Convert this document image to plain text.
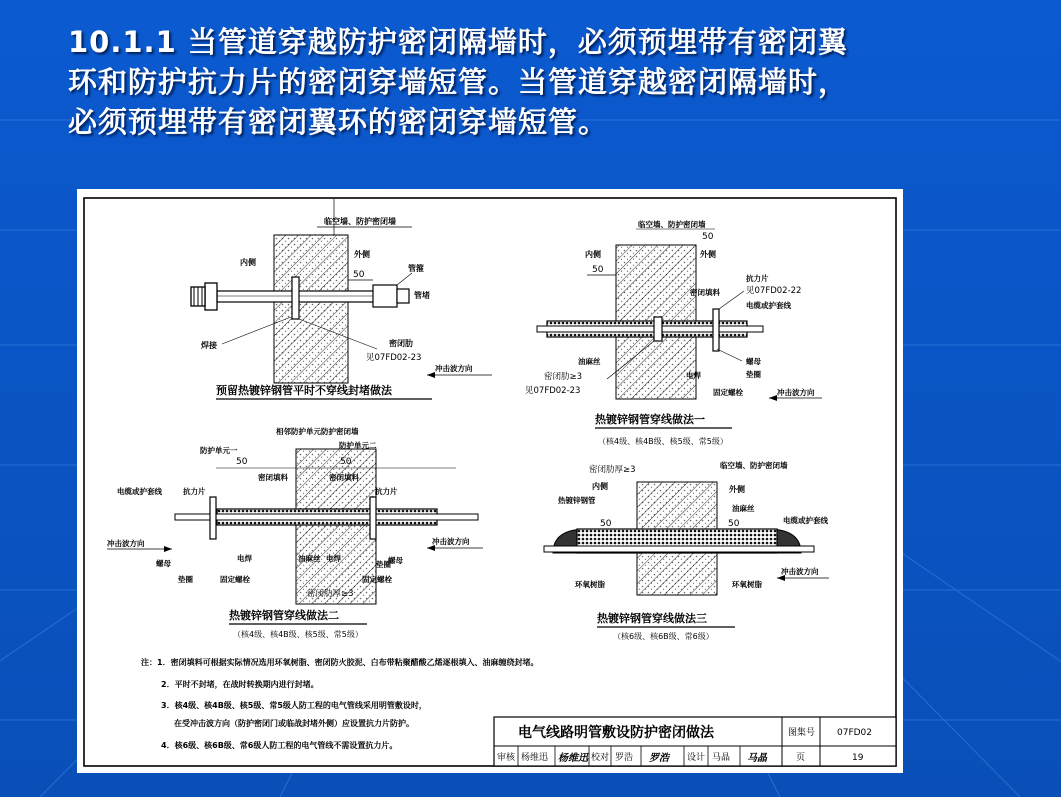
10.1.1 当管道穿越防护密闭隔墙时，必须预埋带有密闭翼
环和防护抗力片的密闭穿墙短管。当管道穿越密闭隔墙时，
必须预埋带有密闭翼环的密闭穿墙短管。
临空墙、防护密闭墙
内侧
外侧
50
管箍
管堵
焊接	密闭肋
见07FD02-23
冲击波方向
预留热镀锌钢管平时不穿线封堵做法
临空墙、防护密闭墙
50
内侧	外侧
50
抗力片
见07FD02-22
电缆或护套线
密闭填料
油麻丝
密闭肋≥3
见07FD02-23
电焊
螺母
垫圈
固定螺栓	冲击波方向
热镀锌钢管穿线做法一
（核4级、核4B级、核5级、常5级）
相邻防护单元防护密闭墙
防护单元一
防护单元二
50	50
密闭填料	密闭填料
电缆或护套线	抗力片	抗力片
冲击波方向	冲击波方向
螺母
垫圈	固定螺栓
电焊	油麻丝 电焊	螺母
垫圈
固定螺栓
密闭肋厚≥3
热镀锌钢管穿线做法二
（核4级、核4B级、核5级、常5级）
密闭肋厚≥3	临空墙、防护密闭墙
内侧	外侧
热镀锌钢管
油麻丝
50	50	电缆或护套线
冲击波方向
环氧树脂	环氧树脂
热镀锌钢管穿线做法三
（核6级、核6B级、常6级）
注：1．密闭填料可根据实际情况选用环氧树脂、密闭防火胶泥、白布带粘聚醋酸乙烯逐根填入、油麻缠绕封堵。
2．平时不封堵，在战时转换期内进行封堵。
3．核4级、核4B级、核5级、常5级人防工程的电气管线采用明管敷设时，
在受冲击波方向（防护密闭门或临战封堵外侧）应设置抗力片防护。
4．核6级、核6B级、常6级人防工程的电气管线不需设置抗力片。
电气线路明管敷设防护密闭做法	图集号 07FD02
审核 杨维迅 杨维迅 校对 罗浩 罗浩 设计 马晶 马晶	页	19
